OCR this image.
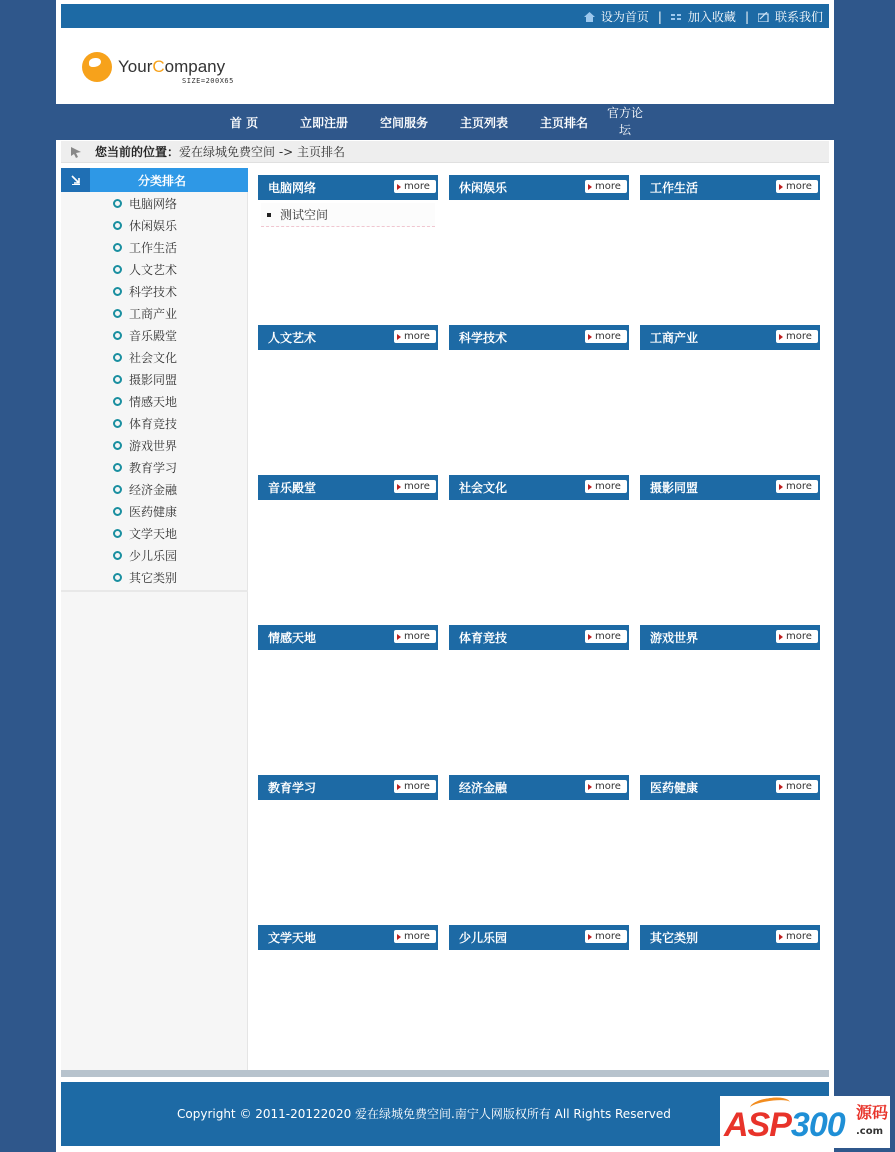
设为首页 | 加入收藏 | 联系我们
YourCompany
SIZE=200X65
首 页	立即注册	空间服务	主页列表	主页排名
官方论坛
您当前的位置： 爱在绿城免费空间 -> 主页排名
分类排名
电脑网络
休闲娱乐
工作生活
人文艺术
科学技术
工商产业
音乐殿堂
社会文化
摄影同盟
情感天地
体育竞技
游戏世界
教育学习
经济金融
医药健康
文学天地
少儿乐园
其它类别
电脑网络	more
测试空间
休闲娱乐	more	工作生活	more
人文艺术	more	科学技术	more	工商产业	more
音乐殿堂	more	社会文化	more	摄影同盟	more
情感天地	more	体育竞技	more	游戏世界	more
教育学习	more	经济金融	more	医药健康	more
文学天地	more	少儿乐园	more	其它类别	more
Copyright © 2011-20122020 爱在绿城免费空间.南宁人网版权所有 All Rights Reserved ASP300 源码
.com
